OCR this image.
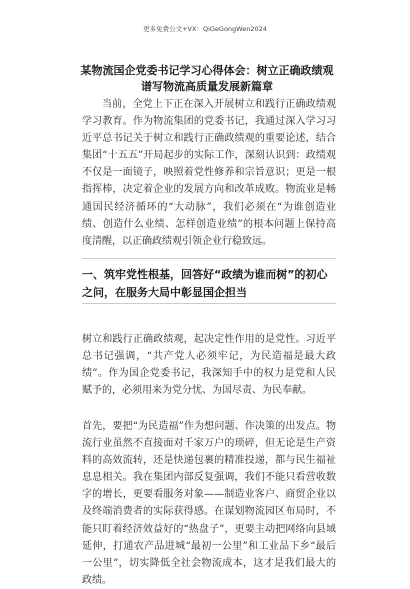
更多免费公文+VX：QiGeGongWen2024
某物流国企党委书记学习心得体会：树立正确政绩观 谱写物流高质量发展新篇章

当前，全党上下正在深入开展树立和践行正确政绩观学习教育。作为物流集团的党委书记，我通过深入学习习近平总书记关于树立和践行正确政绩观的重要论述，结合集团“十五五”开局起步的实际工作，深刻认识到：政绩观不仅是一面镜子，映照着党性修养和宗旨意识；更是一根指挥棒，决定着企业的发展方向和改革成败。物流业是畅通国民经济循环的“大动脉”，我们必须在“为谁创造业绩、创造什么业绩、怎样创造业绩”的根本问题上保持高度清醒，以正确政绩观引领企业行稳致远。

一、筑牢党性根基，回答好“政绩为谁而树”的初心之问，在服务大局中彰显国企担当

树立和践行正确政绩观，起决定性作用的是党性。习近平总书记强调，“共产党人必须牢记，为民造福是最大政绩”。作为国企党委书记，我深知手中的权力是党和人民赋予的，必须用来为党分忧、为国尽责、为民奉献。

首先，要把“为民造福”作为想问题、作决策的出发点。物流行业虽然不直接面对千家万户的琐碎，但无论是生产资料的高效流转，还是快递包裹的精准投递，都与民生福祉息息相关。我在集团内部反复强调，我们不能只看营收数字的增长，更要看服务对象——制造业客户、商贸企业以及终端消费者的实际获得感。在谋划物流园区布局时，不能只盯着经济效益好的“热盘子”，更要主动把网络向县域延伸，打通农产品进城“最初一公里”和工业品下乡“最后一公里”，切实降低全社会物流成本，这才是我们最大的政绩。
